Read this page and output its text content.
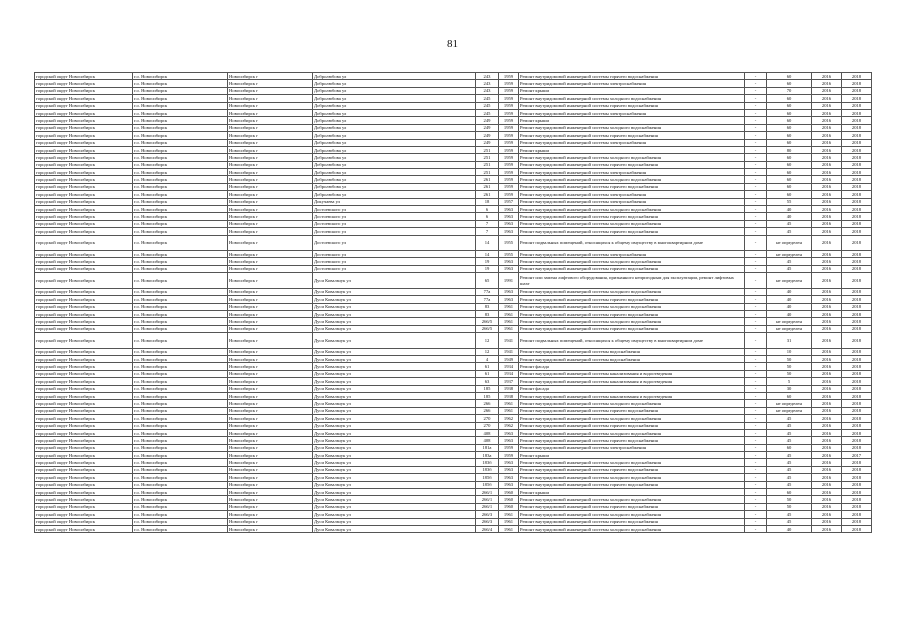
81
городской округ Новосибирск	г.о. Новосибирск	Новосибирск г	Добролюбова ул	243	1959	Ремонт внутридомовой инженерной системы горячего водоснабжения	-	60	2016	2018
городской округ Новосибирск	г.о. Новосибирск	Новосибирск г	Добролюбова ул	243	1959	Ремонт внутридомовой инженерной системы электроснабжения	-	60	2016	2018
городской округ Новосибирск	г.о. Новосибирск	Новосибирск г	Добролюбова ул	243	1959	Ремонт крыши	-	70	2016	2018
городской округ Новосибирск	г.о. Новосибирск	Новосибирск г	Добролюбова ул	245	1959	Ремонт внутридомовой инженерной системы холодного водоснабжения	-	60	2016	2018
городской округ Новосибирск	г.о. Новосибирск	Новосибирск г	Добролюбова ул	245	1959	Ремонт внутридомовой инженерной системы горячего водоснабжения	-	60	2016	2018
городской округ Новосибирск	г.о. Новосибирск	Новосибирск г	Добролюбова ул	245	1959	Ремонт внутридомовой инженерной системы электроснабжения	-	60	2016	2018
городской округ Новосибирск	г.о. Новосибирск	Новосибирск г	Добролюбова ул	249	1959	Ремонт крыши	-	60	2016	2018
городской округ Новосибирск	г.о. Новосибирск	Новосибирск г	Добролюбова ул	249	1959	Ремонт внутридомовой инженерной системы холодного водоснабжения	-	60	2016	2018
городской округ Новосибирск	г.о. Новосибирск	Новосибирск г	Добролюбова ул	249	1959	Ремонт внутридомовой инженерной системы горячего водоснабжения	-	60	2016	2018
городской округ Новосибирск	г.о. Новосибирск	Новосибирск г	Добролюбова ул	249	1959	Ремонт внутридомовой инженерной системы электроснабжения	-	60	2016	2018
городской округ Новосибирск	г.о. Новосибирск	Новосибирск г	Добролюбова ул	251	1959	Ремонт крыши	-	80	2016	2018
городской округ Новосибирск	г.о. Новосибирск	Новосибирск г	Добролюбова ул	251	1959	Ремонт внутридомовой инженерной системы холодного водоснабжения	-	60	2016	2018
городской округ Новосибирск	г.о. Новосибирск	Новосибирск г	Добролюбова ул	251	1959	Ремонт внутридомовой инженерной системы горячего водоснабжения	-	60	2016	2018
городской округ Новосибирск	г.о. Новосибирск	Новосибирск г	Добролюбова ул	251	1959	Ремонт внутридомовой инженерной системы электроснабжения	-	60	2016	2018
городской округ Новосибирск	г.о. Новосибирск	Новосибирск г	Добролюбова ул	261	1959	Ремонт внутридомовой инженерной системы холодного водоснабжения	-	60	2016	2018
городской округ Новосибирск	г.о. Новосибирск	Новосибирск г	Добролюбова ул	261	1959	Ремонт внутридомовой инженерной системы горячего водоснабжения	-	60	2016	2018
городской округ Новосибирск	г.о. Новосибирск	Новосибирск г	Добролюбова ул	261	1959	Ремонт внутридомовой инженерной системы электроснабжения	-	60	2016	2018
городской округ Новосибирск	г.о. Новосибирск	Новосибирск г	Докучаева ул	18	1957	Ремонт внутридомовой инженерной системы электроснабжения	-	55	2016	2018
городской округ Новосибирск	г.о. Новосибирск	Новосибирск г	Достоевского ул	6	1963	Ремонт внутридомовой инженерной системы холодного водоснабжения	-	40	2016	2018
городской округ Новосибирск	г.о. Новосибирск	Новосибирск г	Достоевского ул	6	1963	Ремонт внутридомовой инженерной системы горячего водоснабжения	-	40	2016	2018
городской округ Новосибирск	г.о. Новосибирск	Новосибирск г	Достоевского ул	7	1963	Ремонт внутридомовой инженерной системы холодного водоснабжения	-	45	2016	2018
городской округ Новосибирск	г.о. Новосибирск	Новосибирск г	Достоевского ул	7	1963	Ремонт внутридомовой инженерной системы горячего водоснабжения	-	45	2016	2018
городской округ Новосибирск	г.о. Новосибирск	Новосибирск г	Достоевского ул	14	1955	Ремонт подвальных помещений, относящихся к общему имуществу в многоквартирном доме	-	не определен	2016	2018
городской округ Новосибирск	г.о. Новосибирск	Новосибирск г	Достоевского ул	14	1955	Ремонт внутридомовой инженерной системы электроснабжения	-	не определен	2016	2018
городской округ Новосибирск	г.о. Новосибирск	Новосибирск г	Достоевского ул	19	1963	Ремонт внутридомовой инженерной системы холодного водоснабжения	-	45	2016	2018
городской округ Новосибирск	г.о. Новосибирск	Новосибирск г	Достоевского ул	19	1963	Ремонт внутридомовой инженерной системы горячего водоснабжения	-	45	2016	2018
городской округ Новосибирск	г.о. Новосибирск	Новосибирск г	Дуси Ковальчук ул	65	1991	Ремонт или замена лифтового оборудования, признанного непригодным для эксплуатации, ремонт лифтовых шахт	-	не определен	2016	2018
городской округ Новосибирск	г.о. Новосибирск	Новосибирск г	Дуси Ковальчук ул	77а	1963	Ремонт внутридомовой инженерной системы холодного водоснабжения	-	40	2016	2018
городской округ Новосибирск	г.о. Новосибирск	Новосибирск г	Дуси Ковальчук ул	77а	1963	Ремонт внутридомовой инженерной системы горячего водоснабжения	-	40	2016	2018
городской округ Новосибирск	г.о. Новосибирск	Новосибирск г	Дуси Ковальчук ул	83	1961	Ремонт внутридомовой инженерной системы холодного водоснабжения	-	40	2016	2018
городской округ Новосибирск	г.о. Новосибирск	Новосибирск г	Дуси Ковальчук ул	83	1961	Ремонт внутридомовой инженерной системы горячего водоснабжения	-	40	2016	2018
городской округ Новосибирск	г.о. Новосибирск	Новосибирск г	Дуси Ковальчук ул	266/5	1961	Ремонт внутридомовой инженерной системы холодного водоснабжения	-	не определен	2016	2018
городской округ Новосибирск	г.о. Новосибирск	Новосибирск г	Дуси Ковальчук ул	266/5	1961	Ремонт внутридомовой инженерной системы горячего водоснабжения	-	не определен	2016	2018
городской округ Новосибирск	г.о. Новосибирск	Новосибирск г	Дуси Ковальчук ул	12	1941	Ремонт подвальных помещений, относящихся к общему имуществу в многоквартирном доме	-	31	2016	2018
городской округ Новосибирск	г.о. Новосибирск	Новосибирск г	Дуси Ковальчук ул	12	1941	Ремонт внутридомовой инженерной системы водоснабжения	-	10	2016	2018
городской округ Новосибирск	г.о. Новосибирск	Новосибирск г	Дуси Ковальчук ул	4	1949	Ремонт внутридомовой инженерной системы водоснабжения	-	50	2016	2018
городской округ Новосибирск	г.о. Новосибирск	Новосибирск г	Дуси Ковальчук ул	61	1934	Ремонт фасада	-	50	2016	2018
городской округ Новосибирск	г.о. Новосибирск	Новосибирск г	Дуси Ковальчук ул	61	1934	Ремонт внутридомовой инженерной системы канализования и водоотведения	-	50	2016	2018
городской округ Новосибирск	г.о. Новосибирск	Новосибирск г	Дуси Ковальчук ул	63	1937	Ремонт внутридомовой инженерной системы канализования и водоотведения	-	5	2016	2018
городской округ Новосибирск	г.о. Новосибирск	Новосибирск г	Дуси Ковальчук ул	185	1938	Ремонт фасада	-	30	2016	2018
городской округ Новосибирск	г.о. Новосибирск	Новосибирск г	Дуси Ковальчук ул	185	1938	Ремонт внутридомовой инженерной системы канализования и водоотведения	-	60	2016	2018
городской округ Новосибирск	г.о. Новосибирск	Новосибирск г	Дуси Ковальчук ул	266	1961	Ремонт внутридомовой инженерной системы холодного водоснабжения	-	не определен	2016	2018
городской округ Новосибирск	г.о. Новосибирск	Новосибирск г	Дуси Ковальчук ул	266	1961	Ремонт внутридомовой инженерной системы горячего водоснабжения	-	не определен	2016	2018
городской округ Новосибирск	г.о. Новосибирск	Новосибирск г	Дуси Ковальчук ул	270	1962	Ремонт внутридомовой инженерной системы холодного водоснабжения	-	45	2016	2018
городской округ Новосибирск	г.о. Новосибирск	Новосибирск г	Дуси Ковальчук ул	270	1962	Ремонт внутридомовой инженерной системы горячего водоснабжения	-	45	2016	2018
городской округ Новосибирск	г.о. Новосибирск	Новосибирск г	Дуси Ковальчук ул	408	1963	Ремонт внутридомовой инженерной системы холодного водоснабжения	-	45	2016	2018
городской округ Новосибирск	г.о. Новосибирск	Новосибирск г	Дуси Ковальчук ул	408	1963	Ремонт внутридомовой инженерной системы горячего водоснабжения	-	45	2016	2018
городской округ Новосибирск	г.о. Новосибирск	Новосибирск г	Дуси Ковальчук ул	181а	1959	Ремонт внутридомовой инженерной системы электроснабжения	-	60	2016	2018
городской округ Новосибирск	г.о. Новосибирск	Новосибирск г	Дуси Ковальчук ул	183а	1959	Ремонт крыши	-	45	2016	2017
городской округ Новосибирск	г.о. Новосибирск	Новосибирск г	Дуси Ковальчук ул	183б	1963	Ремонт внутридомовой инженерной системы холодного водоснабжения	-	45	2016	2018
городской округ Новосибирск	г.о. Новосибирск	Новосибирск г	Дуси Ковальчук ул	183б	1963	Ремонт внутридомовой инженерной системы горячего водоснабжения	-	45	2016	2018
городской округ Новосибирск	г.о. Новосибирск	Новосибирск г	Дуси Ковальчук ул	185б	1963	Ремонт внутридомовой инженерной системы холодного водоснабжения	-	45	2016	2018
городской округ Новосибирск	г.о. Новосибирск	Новосибирск г	Дуси Ковальчук ул	185б	1963	Ремонт внутридомовой инженерной системы горячего водоснабжения	-	45	2016	2018
городской округ Новосибирск	г.о. Новосибирск	Новосибирск г	Дуси Ковальчук ул	266/1	1960	Ремонт крыши	-	60	2016	2018
городской округ Новосибирск	г.о. Новосибирск	Новосибирск г	Дуси Ковальчук ул	266/1	1960	Ремонт внутридомовой инженерной системы холодного водоснабжения	-	50	2016	2018
городской округ Новосибирск	г.о. Новосибирск	Новосибирск г	Дуси Ковальчук ул	266/1	1960	Ремонт внутридомовой инженерной системы горячего водоснабжения	-	50	2016	2018
городской округ Новосибирск	г.о. Новосибирск	Новосибирск г	Дуси Ковальчук ул	266/3	1961	Ремонт внутридомовой инженерной системы холодного водоснабжения	-	45	2016	2018
городской округ Новосибирск	г.о. Новосибирск	Новосибирск г	Дуси Ковальчук ул	266/3	1961	Ремонт внутридомовой инженерной системы горячего водоснабжения	-	45	2016	2018
городской округ Новосибирск	г.о. Новосибирск	Новосибирск г	Дуси Ковальчук ул	266/4	1961	Ремонт внутридомовой инженерной системы холодного водоснабжения	-	40	2016	2018
